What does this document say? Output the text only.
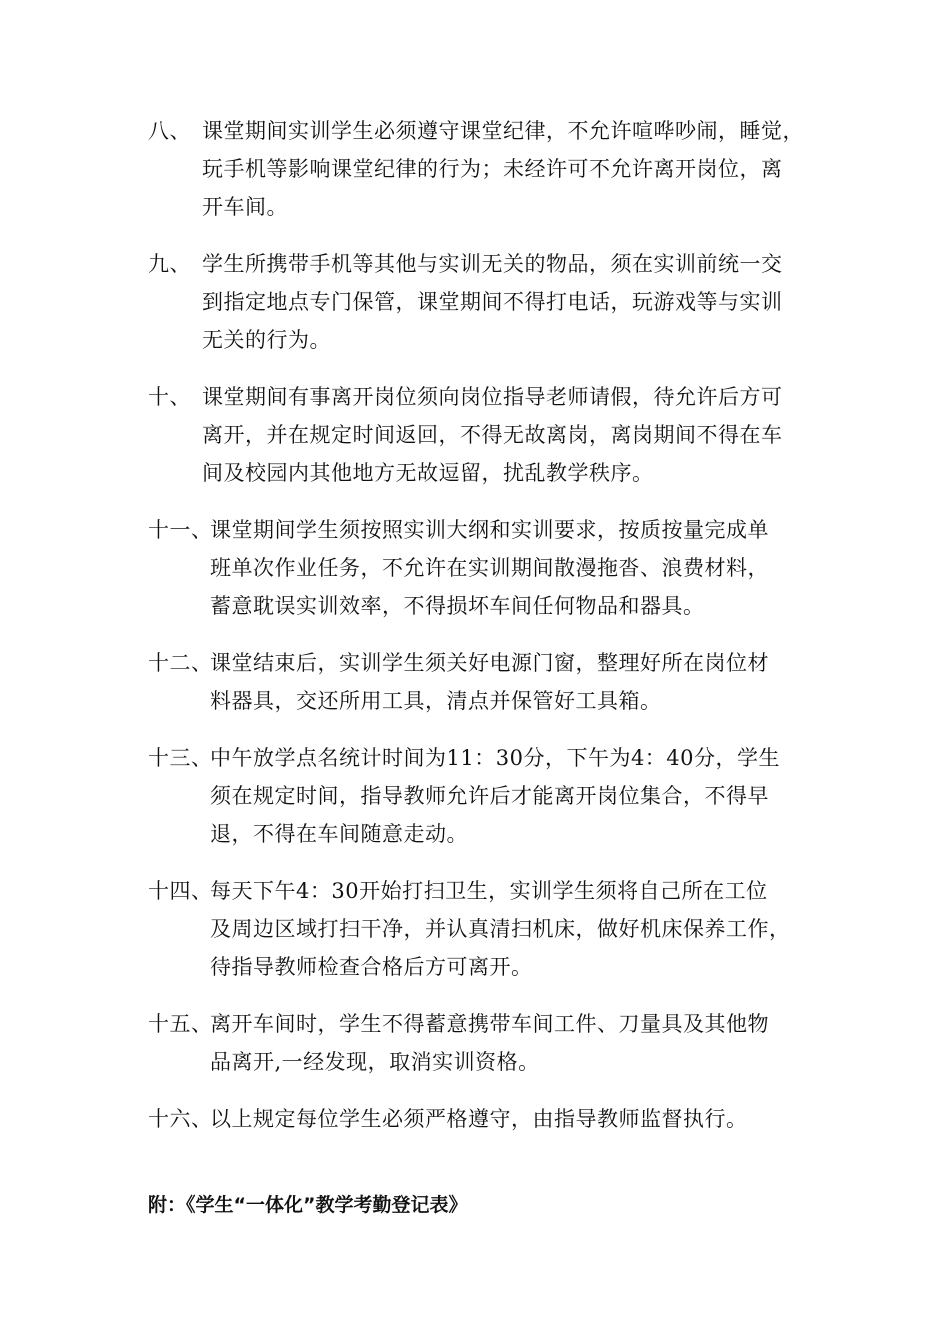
八、 课堂期间实训学生必须遵守课堂纪律，不允许喧哗吵闹，睡觉，
玩手机等影响课堂纪律的行为；未经许可不允许离开岗位，离
开车间。

九、 学生所携带手机等其他与实训无关的物品，须在实训前统一交
到指定地点专门保管，课堂期间不得打电话，玩游戏等与实训
无关的行为。

十、 课堂期间有事离开岗位须向岗位指导老师请假，待允许后方可
离开，并在规定时间返回，不得无故离岗，离岗期间不得在车
间及校园内其他地方无故逗留，扰乱教学秩序。

十一、

课堂期间学生须按照实训大纲和实训要求，按质按量完成单
班单次作业任务，不允许在实训期间散漫拖沓、浪费材料，
蓄意耽误实训效率，不得损坏车间任何物品和器具。

十二、

课堂结束后，实训学生须关好电源门窗，整理好所在岗位材
料器具，交还所用工具，清点并保管好工具箱。

十三、

中午放学点名统计时间为11：30分，下午为4：40分，学生
须在规定时间，指导教师允许后才能离开岗位集合，不得早
退，不得在车间随意走动。

十四、

每天下午4：30开始打扫卫生，实训学生须将自己所在工位
及周边区域打扫干净，并认真清扫机床，做好机床保养工作，
待指导教师检查合格后方可离开。

十五、

离开车间时，学生不得蓄意携带车间工件、刀量具及其他物
品离开,一经发现，取消实训资格。

十六、

以上规定每位学生必须严格遵守，由指导教师监督执行。

附：《学生“一体化”教学考勤登记表》
